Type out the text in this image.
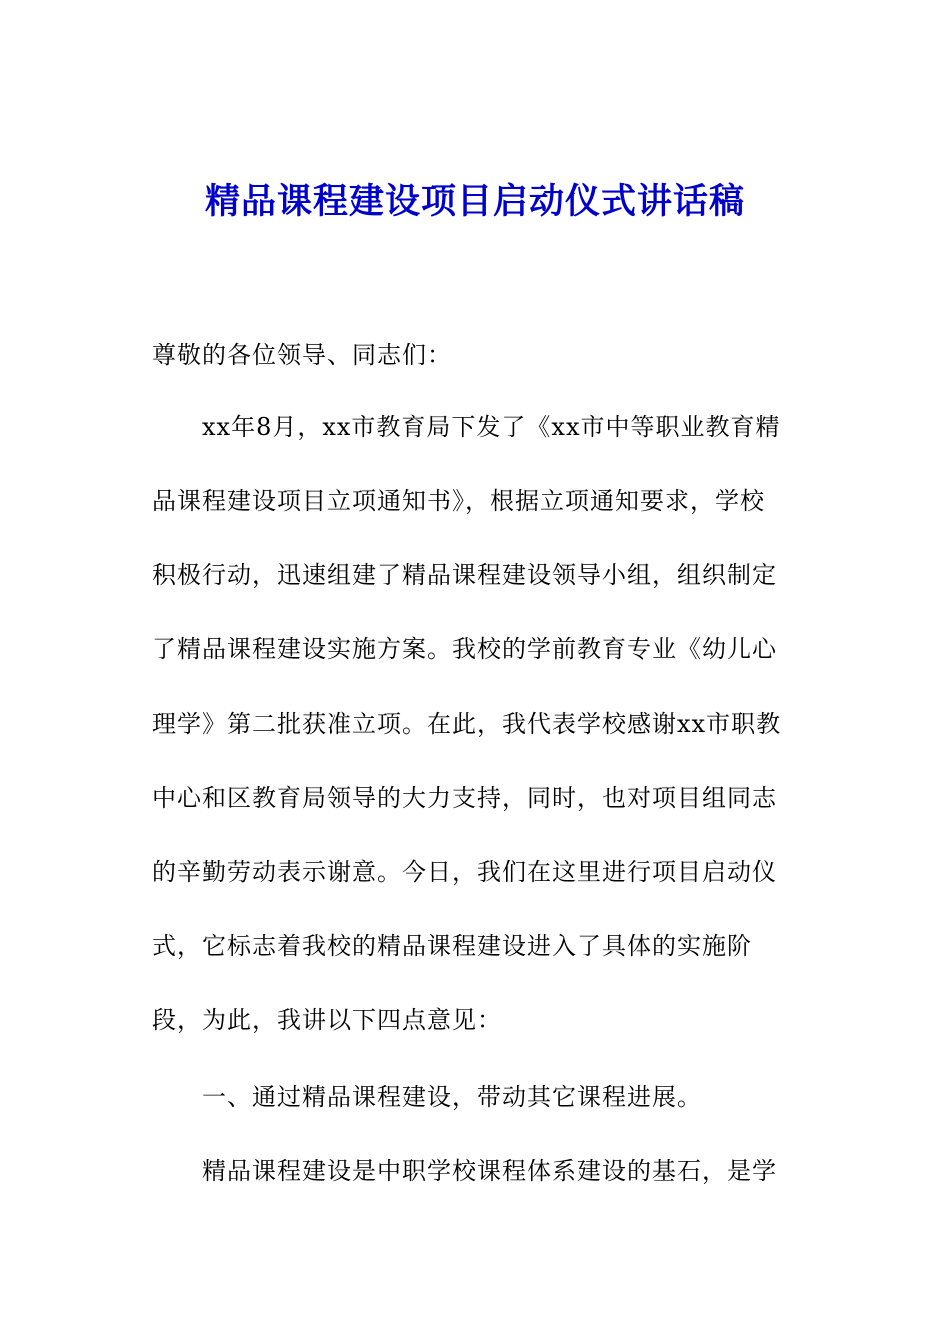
精品课程建设项目启动仪式讲话稿
尊敬的各位领导、同志们：
xx年8月，xx市教育局下发了《xx市中等职业教育精
品课程建设项目立项通知书》，根据立项通知要求，学校
积极行动，迅速组建了精品课程建设领导小组，组织制定
了精品课程建设实施方案。我校的学前教育专业《幼儿心
理学》第二批获准立项。在此，我代表学校感谢xx市职教
中心和区教育局领导的大力支持，同时，也对项目组同志
的辛勤劳动表示谢意。今日，我们在这里进行项目启动仪
式，它标志着我校的精品课程建设进入了具体的实施阶
段，为此，我讲以下四点意见：
一、通过精品课程建设，带动其它课程进展。
精品课程建设是中职学校课程体系建设的基石，是学
